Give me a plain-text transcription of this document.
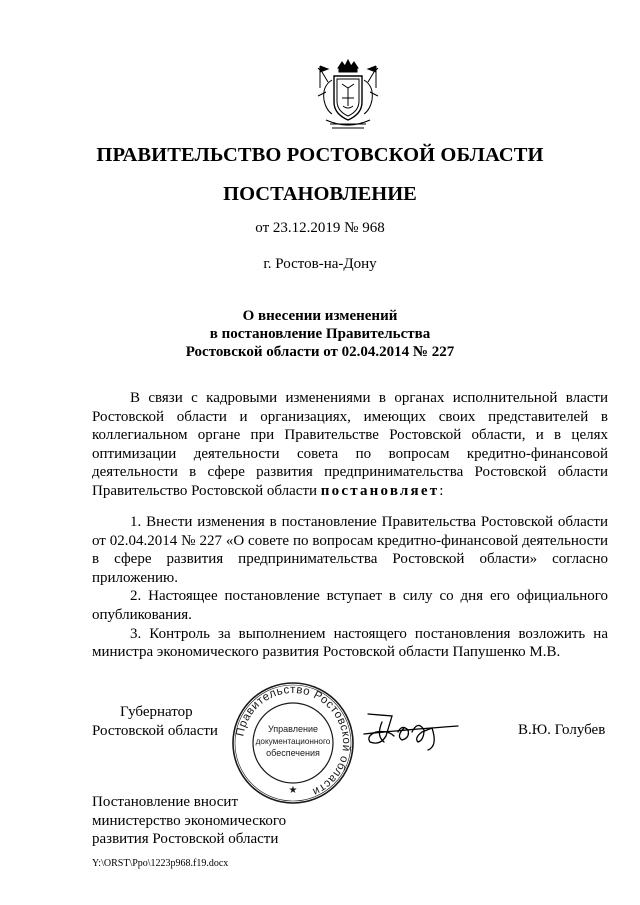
ПРАВИТЕЛЬСТВО РОСТОВСКОЙ ОБЛАСТИ
ПОСТАНОВЛЕНИЕ
от 23.12.2019 № 968
г. Ростов-на-Дону
О внесении изменений
в постановление Правительства
Ростовской области от 02.04.2014 № 227

В связи с кадровыми изменениями в органах исполнительной власти Ростовской области и организациях, имеющих своих представителей в коллегиальном органе при Правительстве Ростовской области, и в целях оптимизации деятельности совета по вопросам кредитно-финансовой деятельности в сфере развития предпринимательства Ростовской области Правительство Ростовской области постановляет:

1. Внести изменения в постановление Правительства Ростовской области от 02.04.2014 № 227 «О совете по вопросам кредитно-финансовой деятельности в сфере развития предпринимательства Ростовской области» согласно приложению.

2. Настоящее постановление вступает в силу со дня его официального опубликования.

3. Контроль за выполнением настоящего постановления возложить на министра экономического развития Ростовской области Папушенко М.В.

Губернатор
Ростовской области Правительство Ростовской области
Управление
документационного
обеспечения
★
В.Ю. Голубев
Постановление вносит
министерство экономического
развития Ростовской области
Y:\ORST\Ppo\1223p968.f19.docx
